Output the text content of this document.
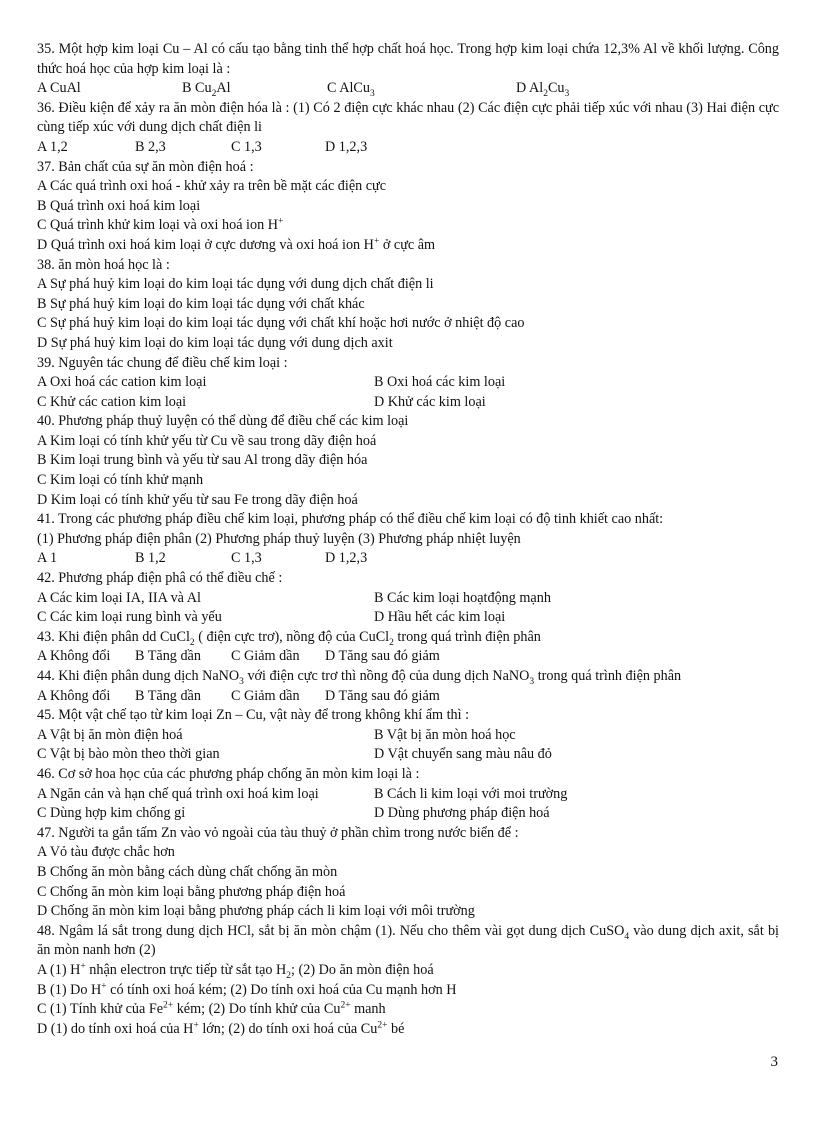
35. Một hợp kim loại Cu – Al có cấu tạo bằng tinh thể hợp chất hoá học. Trong hợp kim loại chứa 12,3% Al về khối lượng. Công thức hoá học của hợp kim loại là :
A CuAl	B $Cu_2Al$	C AlCu$_3$	D $Al_2Cu_3$
36. Điều kiện để xảy ra ăn mòn điện hóa là : (1) Có 2 điện cực khác nhau (2) Các điện cực phải tiếp xúc với nhau (3) Hai điện cực cùng tiếp xúc với dung dịch chất điện li
A 1,2	B 2,3	C 1,3	D 1,2,3
37. Bản chất của sự ăn mòn điện hoá :
A Các quá trình oxi hoá - khử xảy ra trên bề mặt các điện cực
B Quá trình oxi hoá kim loại
C Quá trình khử kim loại và oxi hoá ion H+
D Quá trình oxi hoá kim loại ở cực dương và oxi hoá ion H+ ở cực âm
38. ăn mòn hoá học là :
A Sự phá huỷ kim loại do kim loại tác dụng với dung dịch chất điện li
B Sự phá huỷ kim loại do kim loại tác dụng với chất khác
C Sự phá huỷ kim loại do kim loại tác dụng với chất khí hoặc hơi nước ở nhiệt độ cao
D Sự phá huỷ kim loại do kim loại tác dụng với dung dịch axit
39. Nguyên tác chung để điều chế kim loại :
A Oxi hoá các cation kim loại	B Oxi hoá các kim loại
C Khử các cation kim loại	D Khử các kim loại
40. Phương pháp thuỷ luyện có thể dùng để điều chế các kim loại
A Kim loại có tính khử yếu từ Cu về sau trong dãy điện hoá
B Kim loại trung bình và yếu từ sau Al trong dãy điện hóa
C Kim loại có tính khử mạnh
D Kim loại có tính khử yếu từ sau Fe trong dãy điện hoá
41. Trong các phương pháp điều chế kim loại, phương pháp có thể điều chế kim loại có độ tinh khiết cao nhất:
(1) Phương pháp điện phân (2) Phương pháp thuỷ luyện (3) Phương pháp nhiệt luyện
A 1	B 1,2	C 1,3	D 1,2,3
42. Phương pháp điện phâ có thể điều chế :
A Các kim loại IA, IIA và Al	B Các kim loại hoạtđộng mạnh
C Các kim loại rung bình và yếu	D Hầu hết các kim loại
43. Khi điện phân dd CuCl$_2$ ( điện cực trơ), nồng độ của CuCl$_2$ trong quá trình điện phân
A Không đổi	B Tăng dần	C Giảm dần	D Tăng sau đó giảm
44. Khi điện phân dung dịch NaNO$_3$ với điện cực trơ thì nồng độ của dung dịch NaNO$_3$ trong quá trình điện phân
A Không đổi	B Tăng dần	C Giảm dần	D Tăng sau đó giảm
45. Một vật chế tạo từ kim loại Zn – Cu, vật này để trong không khí ẩm thì :
A Vật bị ăn mòn điện hoá	B Vật bị ăn mòn hoá học
C Vật bị bào mòn theo thời gian	D Vật chuyển sang màu nâu đỏ
46. Cơ sở hoa học của các phương pháp chống ăn mòn kim loại là :
A Ngăn cản và hạn chế quá trình oxi hoá kim loại	B Cách li kim loại với moi trường
C Dùng hợp kim chống gỉ	D Dùng phương pháp điện hoá
47. Người ta gắn tấm Zn vào vỏ ngoài của tàu thuỷ ở phần chìm trong nước biển để :
A Vỏ tàu được chắc hơn
B Chống ăn mòn bằng cách dùng chất chống ăn mòn
C Chống ăn mòn kim loại bằng phương pháp điện hoá
D Chống ăn mòn kim loại bằng phương pháp cách li kim loại với môi trường
48. Ngâm lá sắt trong dung dịch HCl, sắt bị ăn mòn chậm (1). Nếu cho thêm vài gọt dung dịch CuSO$_4$ vào dung dịch axit, sắt bị ăn mòn nanh hơn (2)
A (1) H+ nhận electron trực tiếp từ sắt tạo $H_2$; (2) Do ăn mòn điện hoá
B (1) Do H+ có tính oxi hoá kém; (2) Do tính oxi hoá của Cu mạnh hơn H
C (1) Tính khử của $Fe^{2+}$ kém; (2) Do tính khử của $Cu^{2+}$ manh
D (1) do tính oxi hoá của H+ lớn; (2) do tính oxi hoá của $Cu^{2+}$ bé
3
